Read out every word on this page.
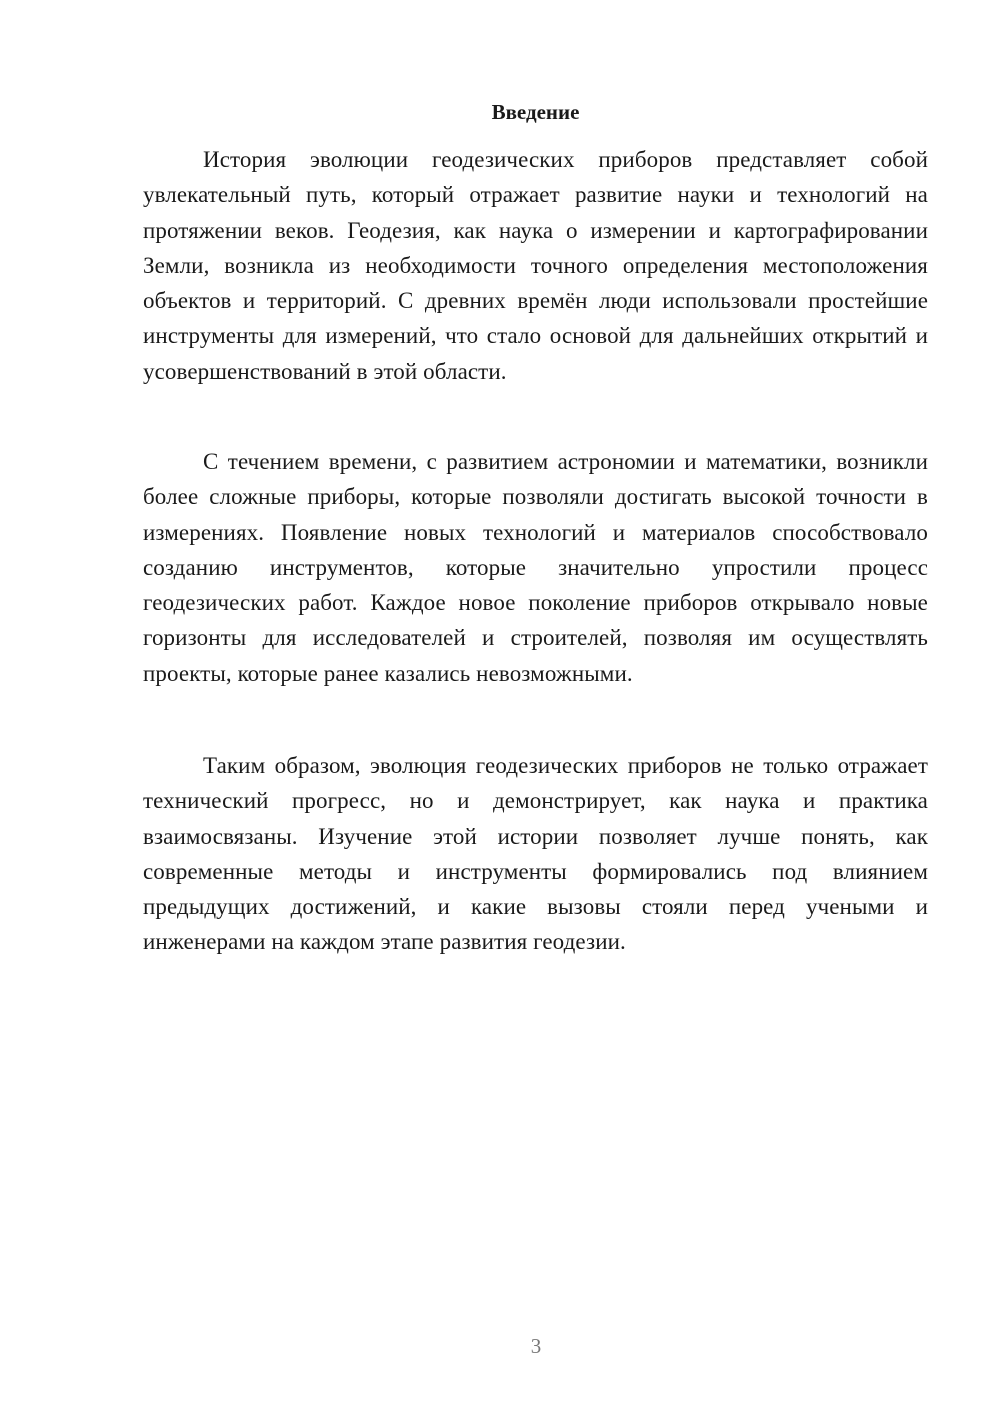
Введение

История эволюции геодезических приборов представляет собой увлекательный путь, который отражает развитие науки и технологий на протяжении веков. Геодезия, как наука о измерении и картографировании Земли, возникла из необходимости точного определения местоположения объектов и территорий. С древних времён люди использовали простейшие инструменты для измерений, что стало основой для дальнейших открытий и усовершенствований в этой области.

С течением времени, с развитием астрономии и математики, возникли более сложные приборы, которые позволяли достигать высокой точности в измерениях. Появление новых технологий и материалов способствовало созданию инструментов, которые значительно упростили процесс геодезических работ. Каждое новое поколение приборов открывало новые горизонты для исследователей и строителей, позволяя им осуществлять проекты, которые ранее казались невозможными.

Таким образом, эволюция геодезических приборов не только отражает технический прогресс, но и демонстрирует, как наука и практика взаимосвязаны. Изучение этой истории позволяет лучше понять, как современные методы и инструменты формировались под влиянием предыдущих достижений, и какие вызовы стояли перед учеными и инженерами на каждом этапе развития геодезии.

3
